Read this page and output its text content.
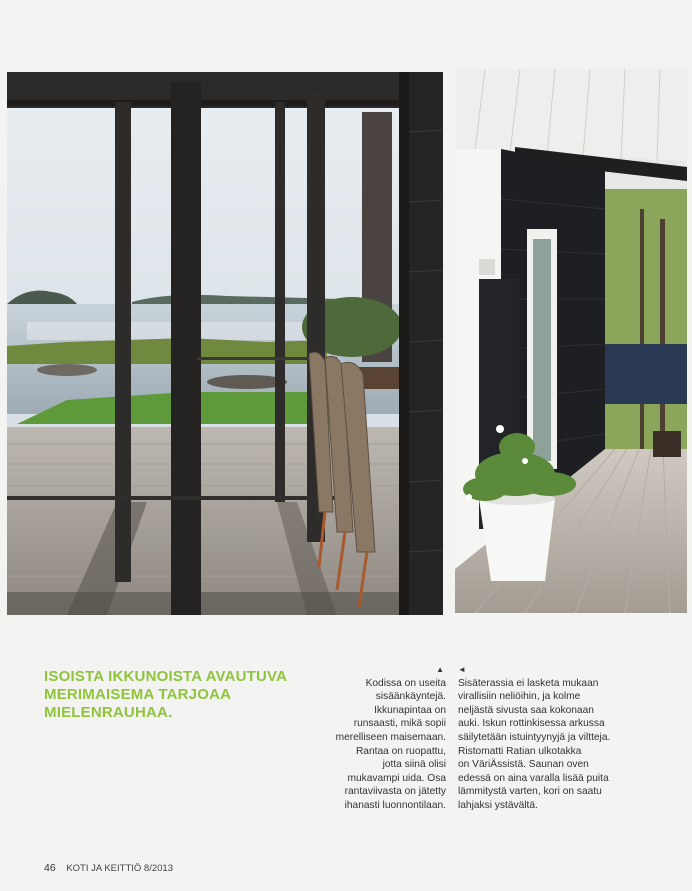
ISOISTA IKKUNOISTA AVAUTUVA
MERIMAISEMA TARJOAA
MIELENRAUHAA.
▲
Kodissa on useita
sisäänkäyntejä.
Ikkunapintaa on
runsaasti, mikä sopii
merelliseen maisemaan.
Rantaa on ruopattu,
jotta siinä olisi
mukavampi uida. Osa
rantaviivasta on jätetty
ihanasti luonnontilaan.
◄
Sisäterassia ei lasketa mukaan
virallisiin neliöihin, ja kolme
neljästä sivusta saa kokonaan
auki. Iskun rottinkisessa arkussa
säilytetään istuintyynyjä ja viltteja.
Ristomatti Ratian ulkotakka
on VäriÄssistä. Saunan oven
edessä on aina varalla lisää puita
lämmitystä varten, kori on saatu
lahjaksi ystävältä.
46 KOTI JA KEITTIÖ 8/2013
